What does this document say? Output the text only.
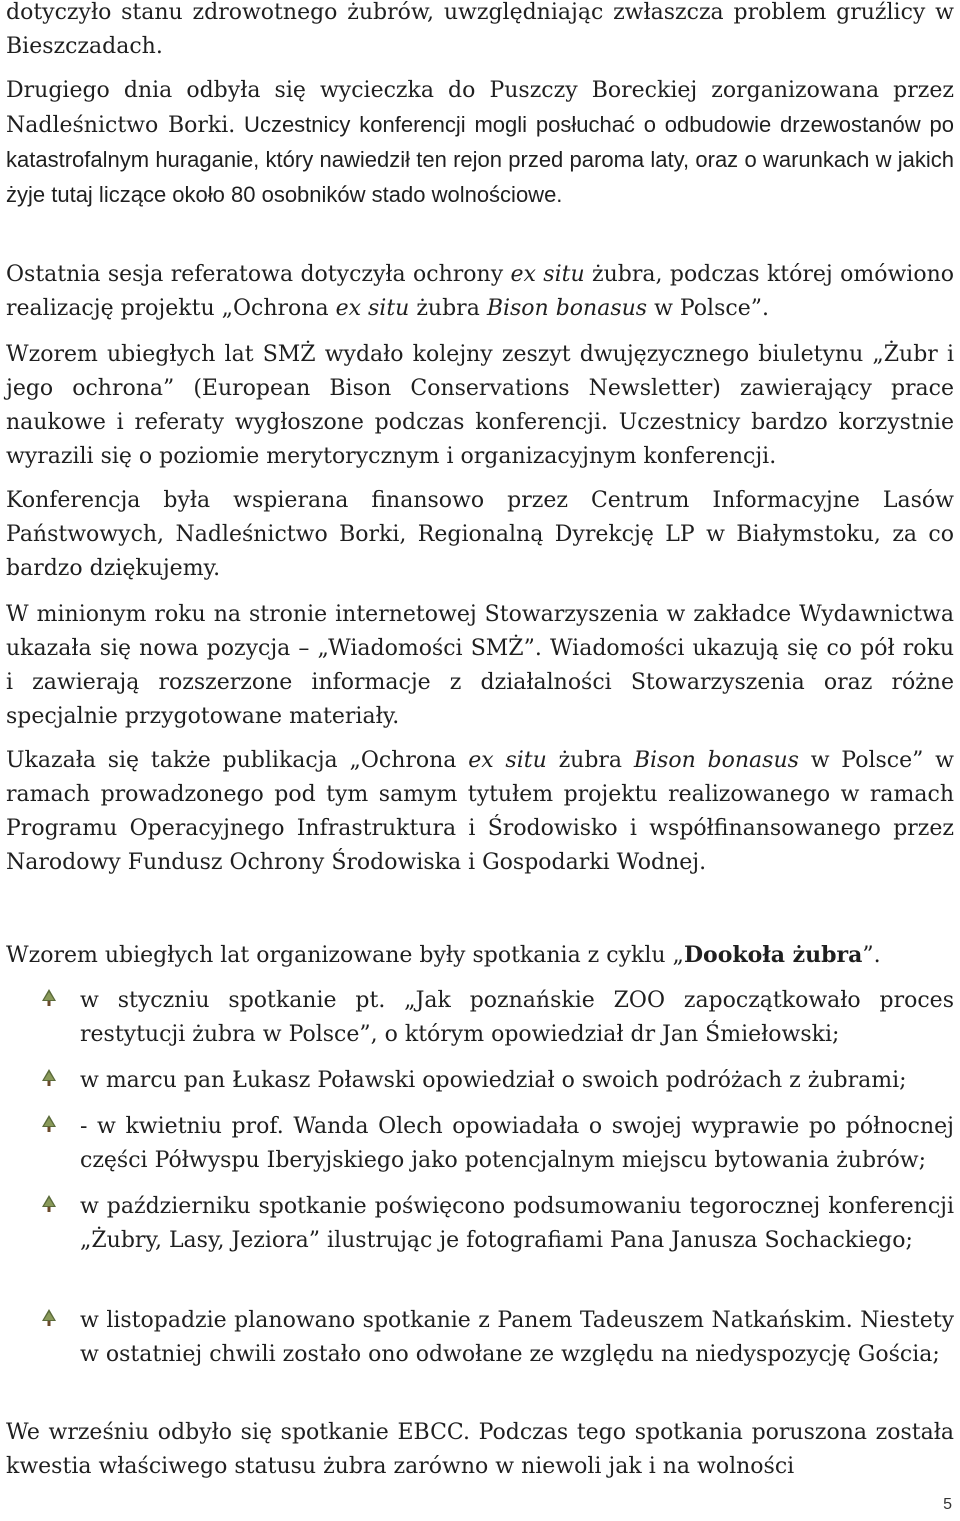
dotyczyło stanu zdrowotnego żubrów, uwzględniając zwłaszcza problem gruźlicy w Bieszczadach.

Drugiego dnia odbyła się wycieczka do Puszczy Boreckiej zorganizowana przez Nadleśnictwo Borki. Uczestnicy konferencji mogli posłuchać o odbudowie drzewostanów po katastrofalnym huraganie, który nawiedził ten rejon przed paroma laty, oraz o warunkach w jakich żyje tutaj liczące około 80 osobników stado wolnościowe.

Ostatnia sesja referatowa dotyczyła ochrony ex situ żubra, podczas której omówiono realizację projektu „Ochrona ex situ żubra Bison bonasus w Polsce”.

Wzorem ubiegłych lat SMŻ wydało kolejny zeszyt dwujęzycznego biuletynu „Żubr i jego ochrona” (European Bison Conservations Newsletter) zawierający prace naukowe i referaty wygłoszone podczas konferencji. Uczestnicy bardzo korzystnie wyrazili się o poziomie merytorycznym i organizacyjnym konferencji.

Konferencja była wspierana finansowo przez Centrum Informacyjne Lasów Państwowych, Nadleśnictwo Borki, Regionalną Dyrekcję LP w Białymstoku, za co bardzo dziękujemy.

W minionym roku na stronie internetowej Stowarzyszenia w zakładce Wydawnictwa ukazała się nowa pozycja – „Wiadomości SMŻ”. Wiadomości ukazują się co pół roku i zawierają rozszerzone informacje z działalności Stowarzyszenia oraz różne specjalnie przygotowane materiały.

Ukazała się także publikacja „Ochrona ex situ żubra Bison bonasus w Polsce” w ramach prowadzonego pod tym samym tytułem projektu realizowanego w ramach Programu Operacyjnego Infrastruktura i Środowisko i współfinansowanego przez Narodowy Fundusz Ochrony Środowiska i Gospodarki Wodnej.

Wzorem ubiegłych lat organizowane były spotkania z cyklu „Dookoła żubra”.

w styczniu spotkanie pt. „Jak poznańskie ZOO zapoczątkowało proces restytucji żubra w Polsce”, o którym opowiedział dr Jan Śmiełowski;
w marcu pan Łukasz Poławski opowiedział o swoich podróżach z żubrami;
- w kwietniu prof. Wanda Olech opowiadała o swojej wyprawie po północnej części Półwyspu Iberyjskiego jako potencjalnym miejscu bytowania żubrów;
w październiku spotkanie poświęcono podsumowaniu tegorocznej konferencji „Żubry, Lasy, Jeziora” ilustrując je fotografiami Pana Janusza Sochackiego;
w listopadzie planowano spotkanie z Panem Tadeuszem Natkańskim. Niestety w ostatniej chwili zostało ono odwołane ze względu na niedyspozycję Gościa;

We wrześniu odbyło się spotkanie EBCC. Podczas tego spotkania poruszona została kwestia właściwego statusu żubra zarówno w niewoli jak i na wolności

5
